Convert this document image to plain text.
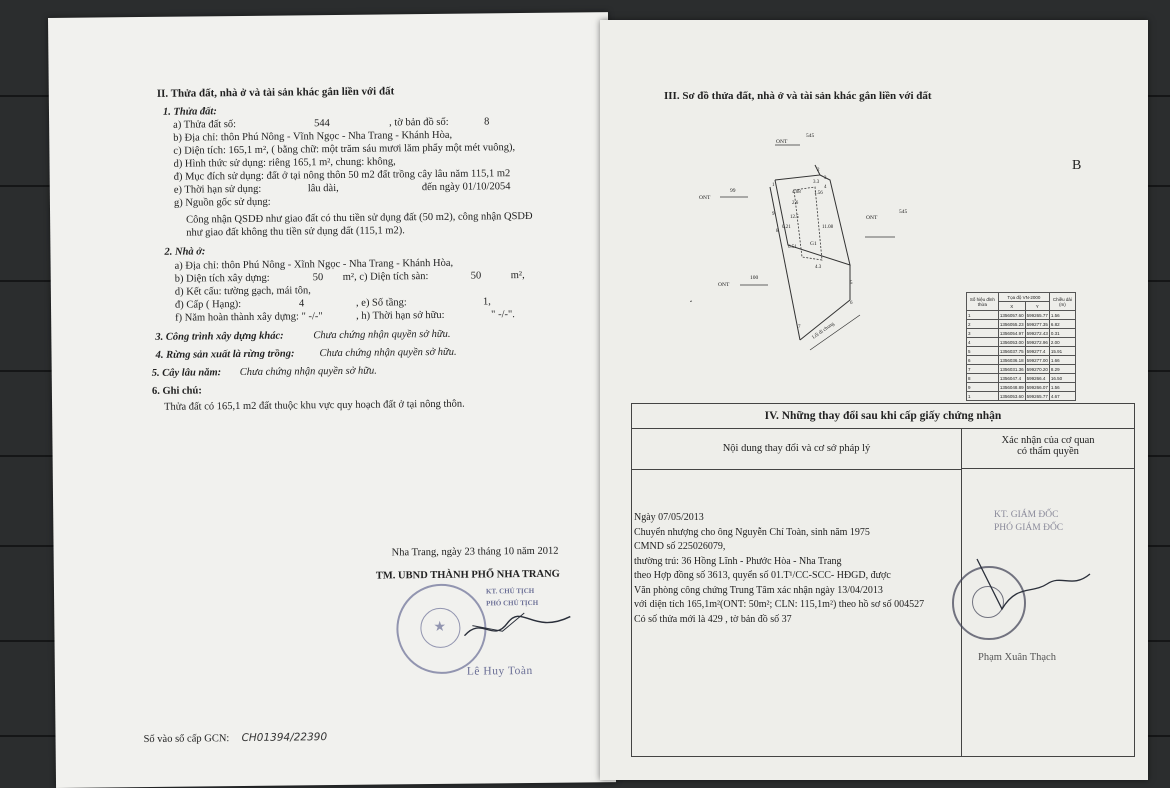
II. Thửa đất, nhà ở và tài sản khác gắn liền với đất
1. Thửa đất:
a) Thửa đất số:	544	, tờ bản đồ số:	8
b) Địa chỉ: thôn Phú Nông - Vĩnh Ngọc - Nha Trang - Khánh Hòa,
c) Diện tích: 165,1 m², ( bằng chữ: một trăm sáu mươi lăm phẩy một mét vuông),
d) Hình thức sử dụng: riêng 165,1 m², chung: không,
đ) Mục đích sử dụng: đất ở tại nông thôn 50 m2 đất trồng cây lâu năm 115,1 m2
e) Thời hạn sử dụng:	lâu dài,	đến ngày 01/10/2054
g) Nguồn gốc sử dụng:
Công nhận QSDĐ như giao đất có thu tiền sử dụng đất (50 m2), công nhận QSDĐ
như giao đất không thu tiền sử dụng đất (115,1 m2).
2. Nhà ở:
a) Địa chỉ: thôn Phú Nông - Xĩnh Ngọc - Nha Trang - Khánh Hòa,
b) Diện tích xây dựng:	50 m², c) Diện tích sàn:	50	m²,
d) Kết cấu: tường gạch, mái tôn,
đ) Cấp ( Hạng):	4	, e) Số tầng:	1,
f) Năm hoàn thành xây dựng: " -/-"	, h) Thời hạn sở hữu:	" -/-".
3. Công trình xây dựng khác:	Chưa chứng nhận quyền sở hữu.
4. Rừng sản xuất là rừng trồng: Chưa chứng nhận quyền sở hữu.
5. Cây lâu năm: Chưa chứng nhận quyền sở hữu.
6. Ghi chú:
Thửa đất có 165,1 m2 đất thuộc khu vực quy hoạch đất ở tại nông thôn.
Nha Trang, ngày 23 tháng 10 năm 2012
TM. UBND THÀNH PHỐ NHA TRANG
KT. CHỦ TỊCH
PHÓ CHỦ TỊCH
★
Lê Huy Toàn
Số vào sổ cấp GCN: CH01394/22390
III. Sơ đồ thửa đất, nhà ở và tài sản khác gắn liền với đất
B
ONT
545
ONT
99
ONT
545
ONT
100
Lối đi chung
G1
4.08
3.3
2.6
12.5
11.08
6.51
0.21
4.3
1.56
1
2
3
4
5
6
7
8
9
Số hiệu đỉnh thửa	Tọa độ VN-2000		Chiều dài (m)
	X	Y	
1	1356057.60	599265.77	1.56
2	1356055.23	599277.35	6.82
3	1356054.97	599272.43	0.31
4	1356053.00	599272.96	2.00
5	1356037.75	599277.4	15.91
6	1356036.18	599277.00	1.66
7	1356031.36	599270.20	8.29
8	1356047.4	599266.4	16.50
9	1356048.89	599266.07	1.56
1	1356053.60	599265.77	4.67
IV. Những thay đổi sau khi cấp giấy chứng nhận
Nội dung thay đổi và cơ sở pháp lý
Xác nhận của cơ quan
có thẩm quyền
Ngày 07/05/2013
Chuyển nhượng cho ông Nguyễn Chí Toàn, sinh năm 1975
CMND số 225026079,
thường trú: 36 Hồng Lĩnh - Phước Hòa - Nha Trang
theo Hợp đồng số 3613, quyển số 01.T¹/CC-SCC- HĐGD, được
Văn phòng công chứng Trung Tâm xác nhận ngày 13/04/2013
với diện tích 165,1m²(ONT: 50m²; CLN: 115,1m²) theo hồ sơ số 004527
Có số thửa mới là 429 , tờ bản đồ số 37
KT. GIÁM ĐỐC
PHÓ GIÁM ĐỐC
Phạm Xuân Thạch
